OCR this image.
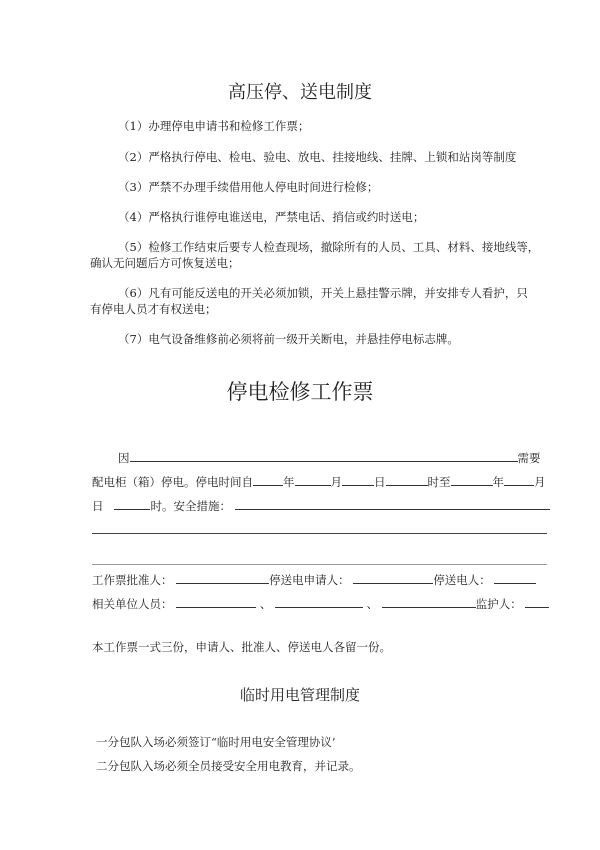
高压停、送电制度
（1）办理停电申请书和检修工作票；
（2）严格执行停电、检电、验电、放电、挂接地线、挂牌、上锁和站岗等制度
（3）严禁不办理手续借用他人停电时间进行检修；
（4）严格执行谁停电谁送电，严禁电话、捎信或约时送电；
（5）检修工作结束后要专人检查现场，撤除所有的人员、工具、材料、接地线等，
确认无问题后方可恢复送电；
（6）凡有可能反送电的开关必须加锁，开关上悬挂警示牌，并安排专人看护，只
有停电人员才有权送电；
（7）电气设备维修前必须将前一级开关断电，并悬挂停电标志牌。
停电检修工作票
因	需要
配电柜（箱）停电。停电时间自	年	月	日	时至	年	月
日	时。安全措施：
工作票批准人：	停送电申请人：	停送电人：
相关单位人员：	、	、	监护人：
本工作票一式三份，申请人、批准人、停送电人各留一份。
临时用电管理制度
一分包队入场必须签订“临时用电安全管理协议’
二分包队入场必须全员接受安全用电教育，并记录。
